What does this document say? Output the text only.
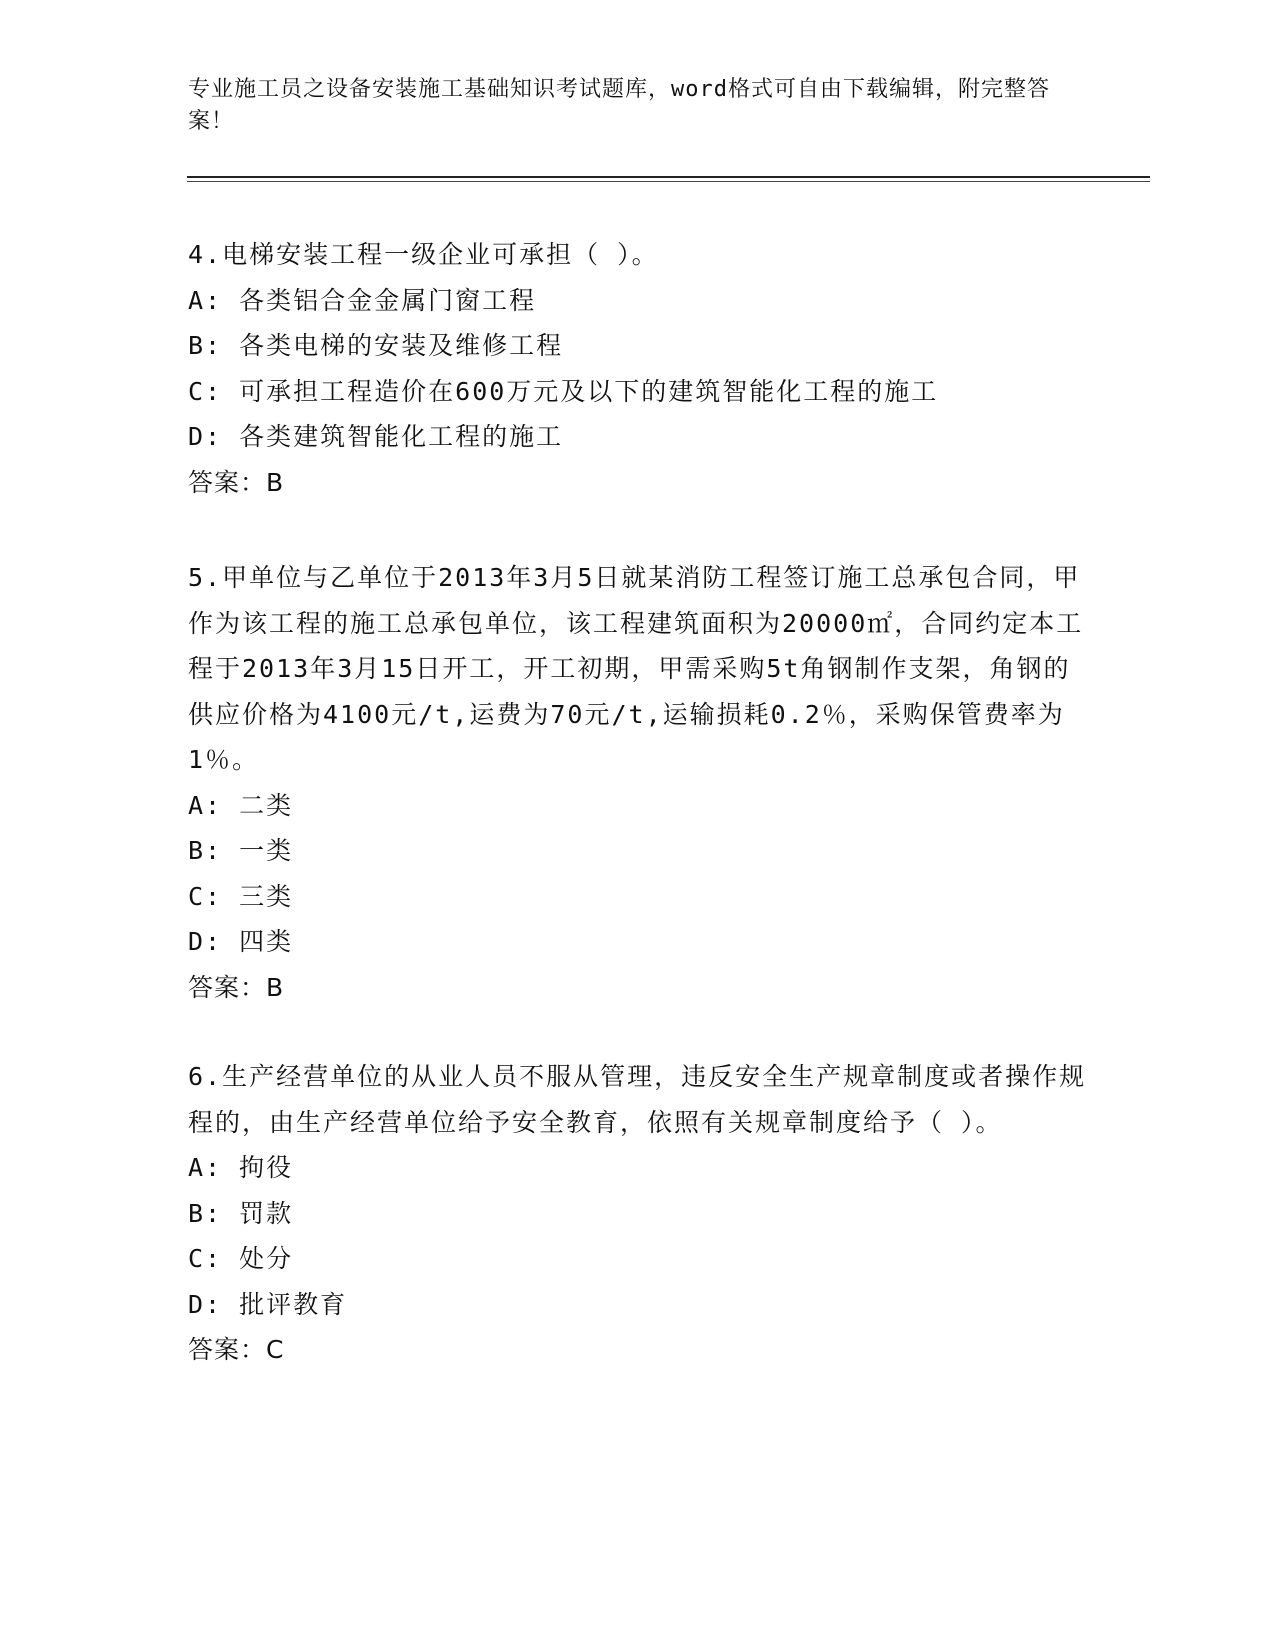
专业施工员之设备安装施工基础知识考试题库，word格式可自由下载编辑，附完整答案！
4.电梯安装工程一级企业可承担（ ）。
A: 各类铝合金金属门窗工程
B: 各类电梯的安装及维修工程
C: 可承担工程造价在600万元及以下的建筑智能化工程的施工
D: 各类建筑智能化工程的施工
答案：B
5.甲单位与乙单位于2013年3月5日就某消防工程签订施工总承包合同，甲作为该工程的施工总承包单位，该工程建筑面积为20000㎡，合同约定本工程于2013年3月15日开工，开工初期，甲需采购5t角钢制作支架，角钢的供应价格为4100元/t,运费为70元/t,运输损耗0.2％，采购保管费率为1％。
A: 二类
B: 一类
C: 三类
D: 四类
答案：B
6.生产经营单位的从业人员不服从管理，违反安全生产规章制度或者操作规程的，由生产经营单位给予安全教育，依照有关规章制度给予（ ）。
A: 拘役
B: 罚款
C: 处分
D: 批评教育
答案：C
